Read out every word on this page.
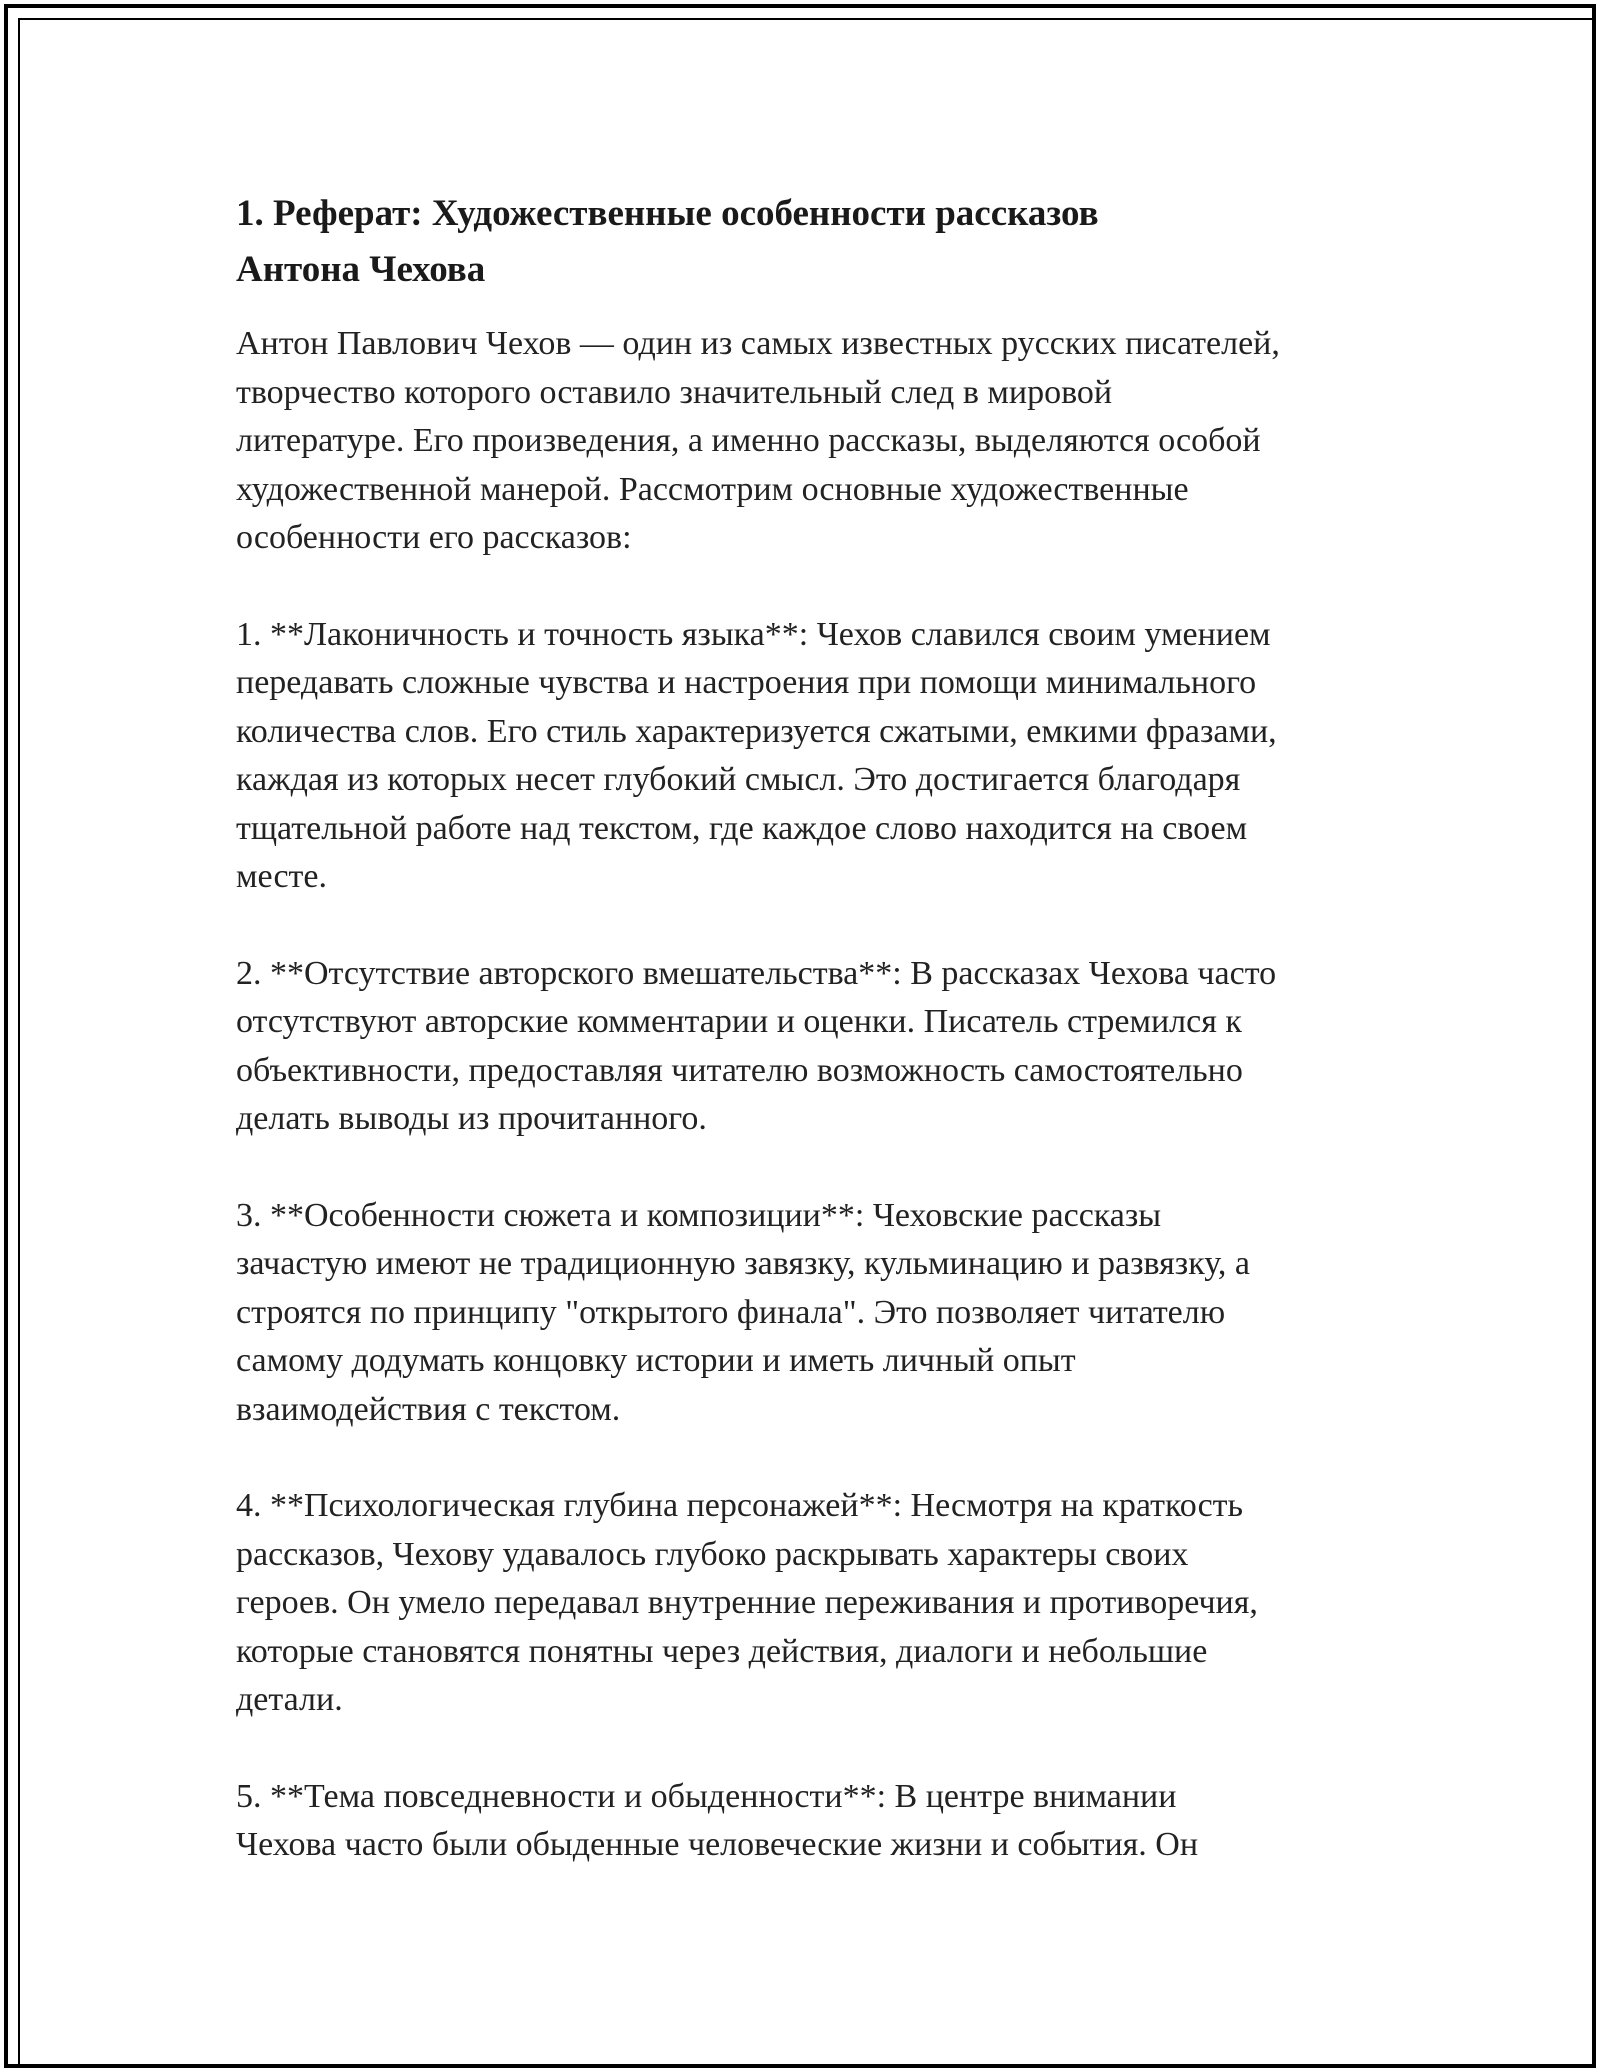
1. Реферат: Художественные особенности рассказов
Антона Чехова

Антон Павлович Чехов — один из самых известных русских писателей,
творчество которого оставило значительный след в мировой
литературе. Его произведения, а именно рассказы, выделяются особой
художественной манерой. Рассмотрим основные художественные
особенности его рассказов:

1. **Лаконичность и точность языка**: Чехов славился своим умением
передавать сложные чувства и настроения при помощи минимального
количества слов. Его стиль характеризуется сжатыми, емкими фразами,
каждая из которых несет глубокий смысл. Это достигается благодаря
тщательной работе над текстом, где каждое слово находится на своем
месте.

2. **Отсутствие авторского вмешательства**: В рассказах Чехова часто
отсутствуют авторские комментарии и оценки. Писатель стремился к
объективности, предоставляя читателю возможность самостоятельно
делать выводы из прочитанного.

3. **Особенности сюжета и композиции**: Чеховские рассказы
зачастую имеют не традиционную завязку, кульминацию и развязку, а
строятся по принципу "открытого финала". Это позволяет читателю
самому додумать концовку истории и иметь личный опыт
взаимодействия с текстом.

4. **Психологическая глубина персонажей**: Несмотря на краткость
рассказов, Чехову удавалось глубоко раскрывать характеры своих
героев. Он умело передавал внутренние переживания и противоречия,
которые становятся понятны через действия, диалоги и небольшие
детали.

5. **Тема повседневности и обыденности**: В центре внимании
Чехова часто были обыденные человеческие жизни и события. Он
